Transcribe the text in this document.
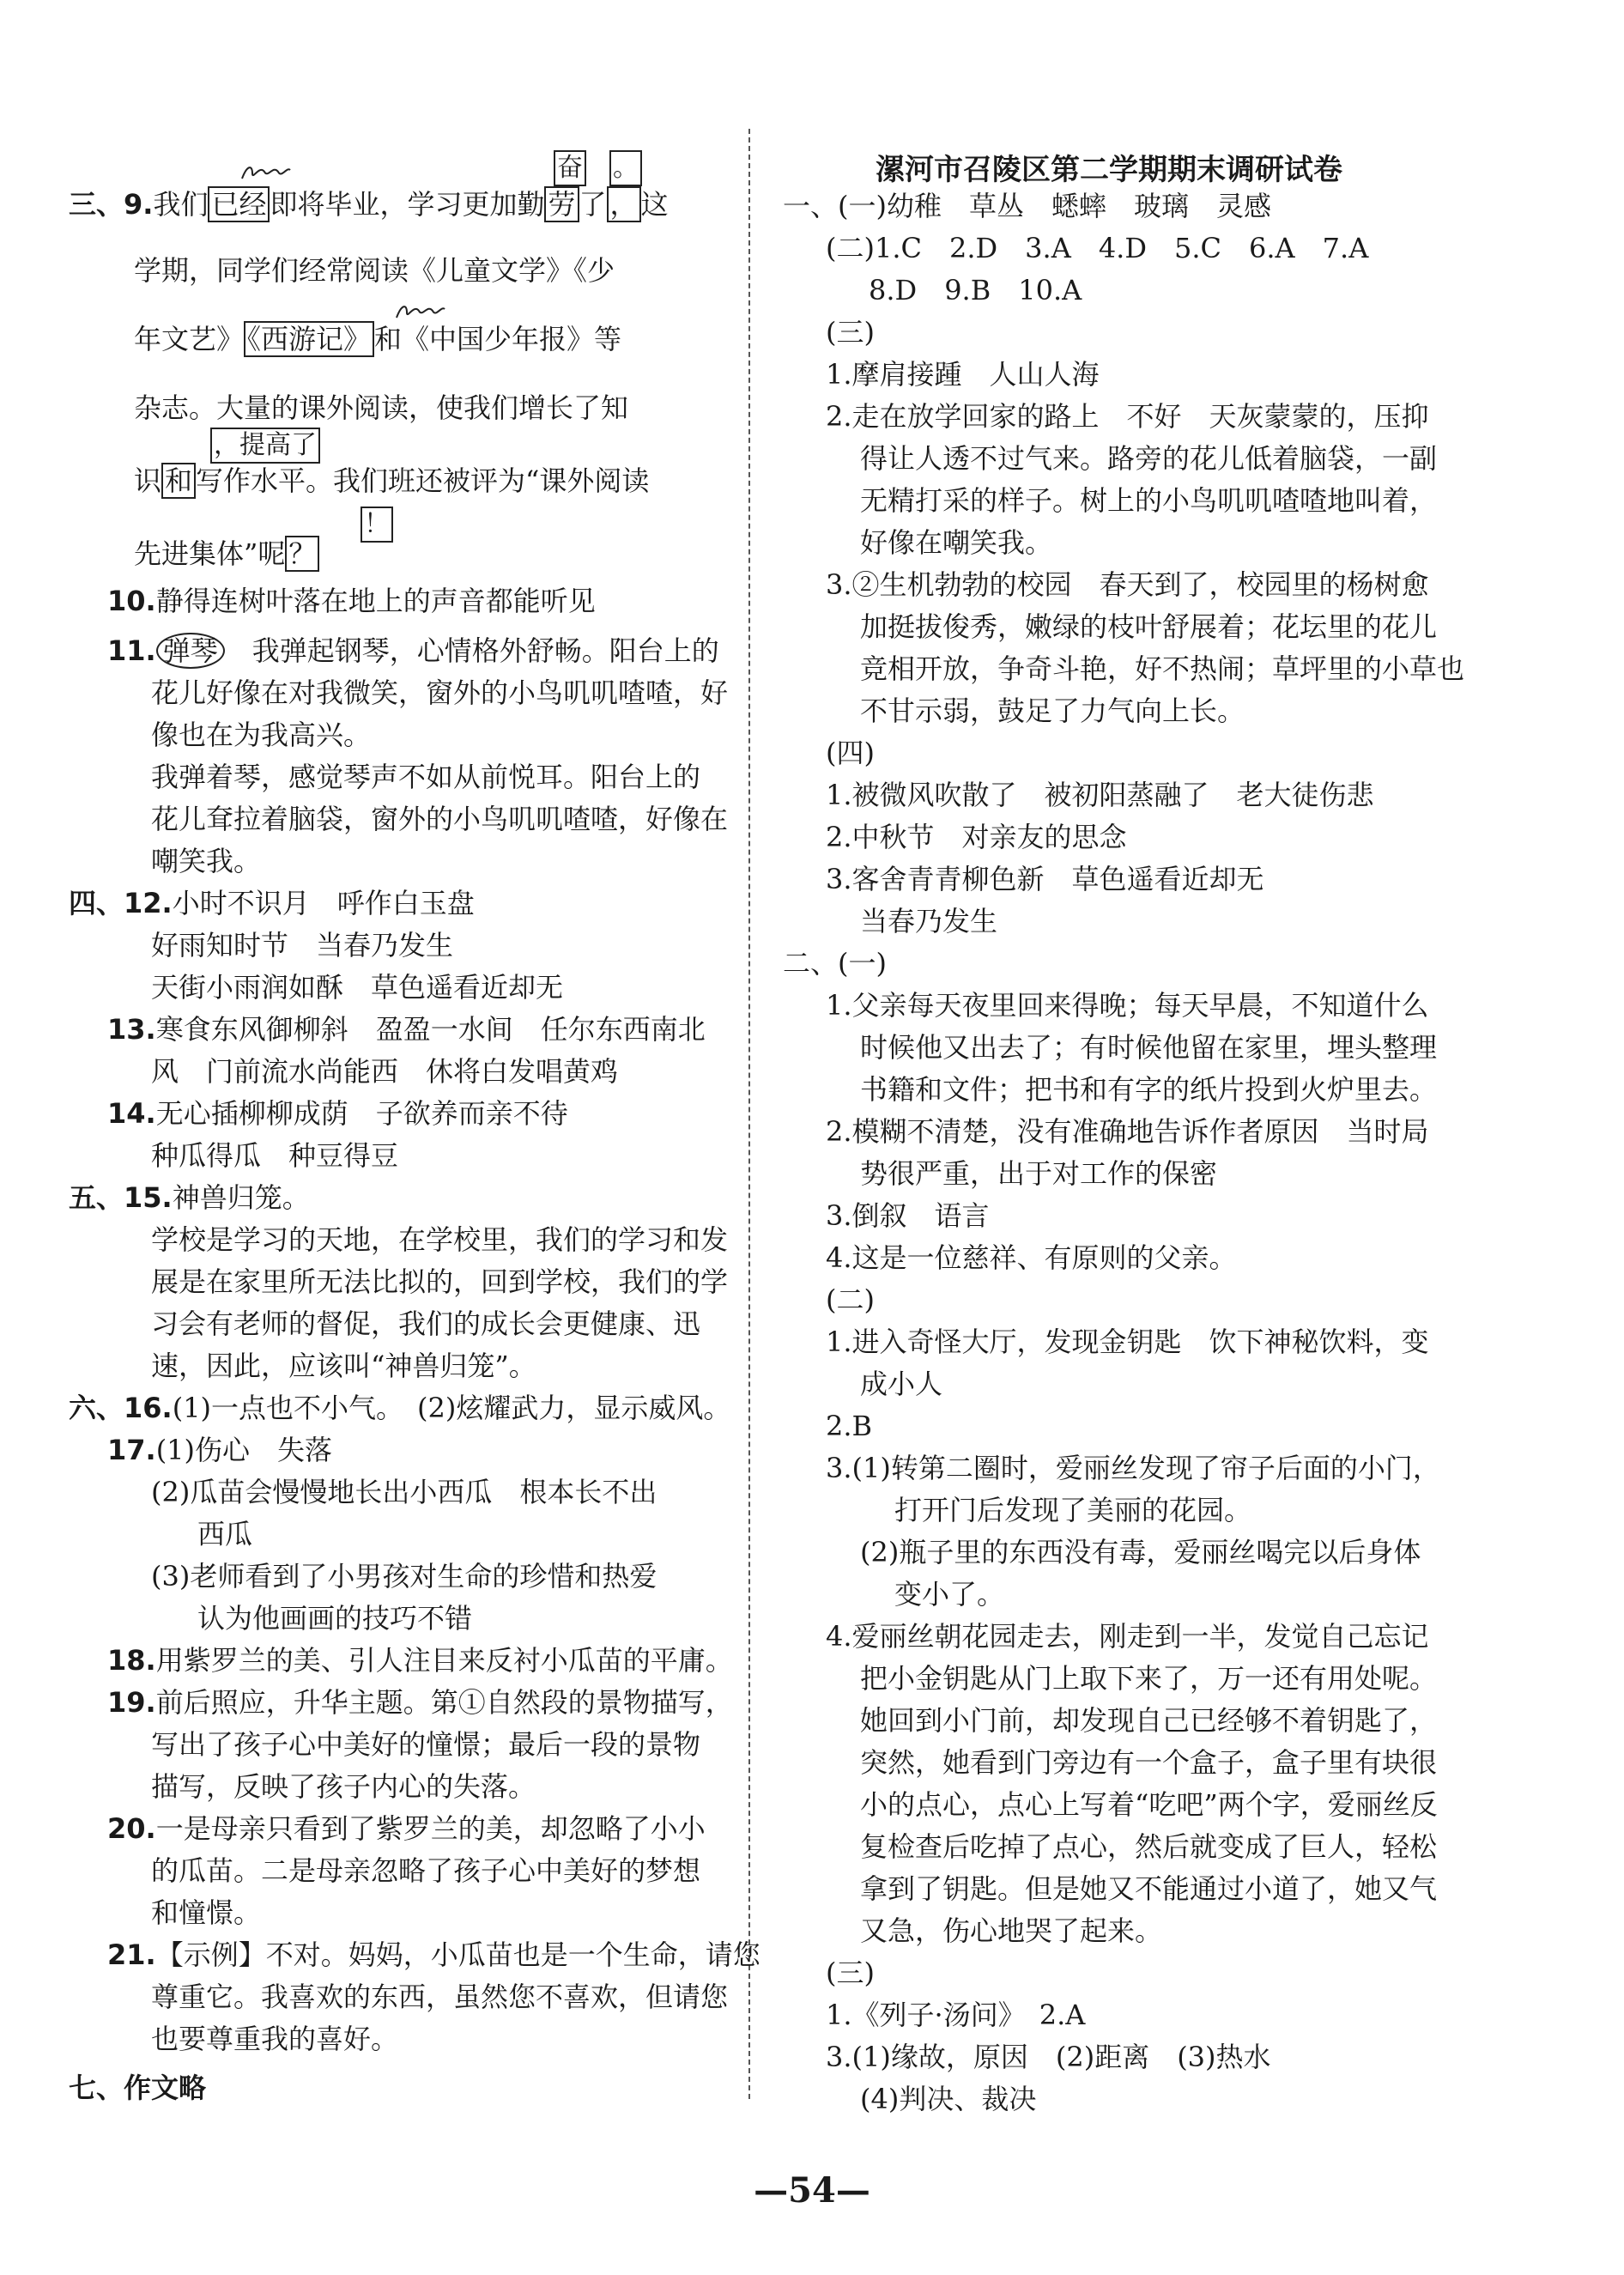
奋 。
三、9.我们 已经 即将毕业，学习更加勤 劳 了 ， 这
学期，同学们经常阅读《儿童文学》《少
年文艺》 《西游记》 和《中国少年报》等
杂志。大量的课外阅读，使我们增长了知
，提高了
识 和 写作水平。我们班还被评为“课外阅读
！
先进集体”呢 ？
10.静得连树叶落在地上的声音都能听见
11. 弹琴　 我弹起钢琴，心情格外舒畅。阳台上的
花儿好像在对我微笑，窗外的小鸟叽叽喳喳，好
像也在为我高兴。
我弹着琴，感觉琴声不如从前悦耳。阳台上的
花儿耷拉着脑袋，窗外的小鸟叽叽喳喳，好像在
嘲笑我。
四、12.小时不识月　呼作白玉盘
好雨知时节　当春乃发生
天街小雨润如酥　草色遥看近却无
13.寒食东风御柳斜　盈盈一水间　任尔东西南北
风　门前流水尚能西　休将白发唱黄鸡
14.无心插柳柳成荫　子欲养而亲不待
种瓜得瓜　种豆得豆
五、15.神兽归笼。
学校是学习的天地，在学校里，我们的学习和发
展是在家里所无法比拟的，回到学校，我们的学
习会有老师的督促，我们的成长会更健康、迅
速，因此，应该叫“神兽归笼”。
六、16.(1)一点也不小气。　(2)炫耀武力，显示威风。
17.(1)伤心　失落
(2)瓜苗会慢慢地长出小西瓜　根本长不出
西瓜
(3)老师看到了小男孩对生命的珍惜和热爱
认为他画画的技巧不错
18.用紫罗兰的美、引人注目来反衬小瓜苗的平庸。
19.前后照应，升华主题。第①自然段的景物描写，
写出了孩子心中美好的憧憬；最后一段的景物
描写，反映了孩子内心的失落。
20.一是母亲只看到了紫罗兰的美，却忽略了小小
的瓜苗。二是母亲忽略了孩子心中美好的梦想
和憧憬。
21.【示例】不对。妈妈，小瓜苗也是一个生命，请您
尊重它。我喜欢的东西，虽然您不喜欢，但请您
也要尊重我的喜好。
七、作文略
漯河市召陵区第二学期期末调研试卷
一、(一)幼稚　草丛　蟋蟀　玻璃　灵感
(二)1.C　2.D　3.A　4.D　5.C　6.A　7.A
8.D　9.B　10.A
(三)
1.摩肩接踵　人山人海
2.走在放学回家的路上　不好　天灰蒙蒙的，压抑
得让人透不过气来。路旁的花儿低着脑袋，一副
无精打采的样子。树上的小鸟叽叽喳喳地叫着，
好像在嘲笑我。
3.②生机勃勃的校园　春天到了，校园里的杨树愈
加挺拔俊秀，嫩绿的枝叶舒展着；花坛里的花儿
竞相开放，争奇斗艳，好不热闹；草坪里的小草也
不甘示弱，鼓足了力气向上长。
(四)
1.被微风吹散了　被初阳蒸融了　老大徒伤悲
2.中秋节　对亲友的思念
3.客舍青青柳色新　草色遥看近却无
当春乃发生
二、(一)
1.父亲每天夜里回来得晚；每天早晨，不知道什么
时候他又出去了；有时候他留在家里，埋头整理
书籍和文件；把书和有字的纸片投到火炉里去。
2.模糊不清楚，没有准确地告诉作者原因　当时局
势很严重，出于对工作的保密
3.倒叙　语言
4.这是一位慈祥、有原则的父亲。
(二)
1.进入奇怪大厅，发现金钥匙　饮下神秘饮料，变
成小人
2.B
3.(1)转第二圈时，爱丽丝发现了帘子后面的小门，
打开门后发现了美丽的花园。
(2)瓶子里的东西没有毒，爱丽丝喝完以后身体
变小了。
4.爱丽丝朝花园走去，刚走到一半，发觉自己忘记
把小金钥匙从门上取下来了，万一还有用处呢。
她回到小门前，却发现自己已经够不着钥匙了，
突然，她看到门旁边有一个盒子，盒子里有块很
小的点心，点心上写着“吃吧”两个字，爱丽丝反
复检查后吃掉了点心，然后就变成了巨人，轻松
拿到了钥匙。但是她又不能通过小道了，她又气
又急，伤心地哭了起来。
(三)
1.《列子·汤问》　2.A
3.(1)缘故，原因　(2)距离　(3)热水
(4)判决、裁决
—54—
